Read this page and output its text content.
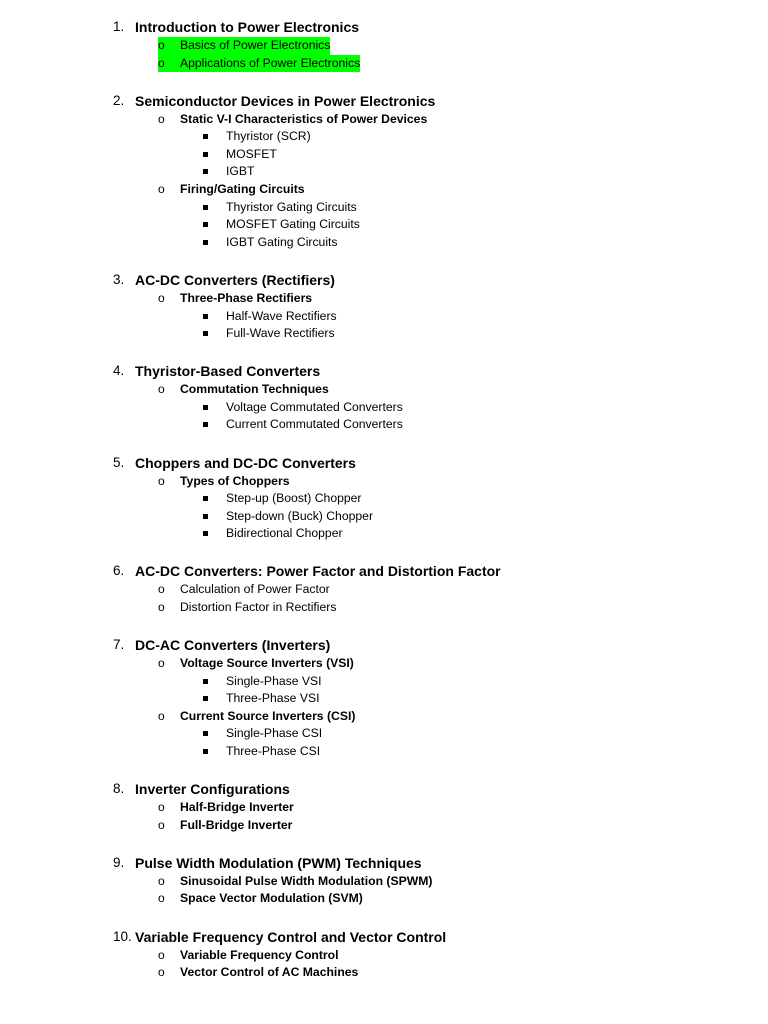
1. Introduction to Power Electronics
o	Basics of Power Electronics
o	Applications of Power Electronics
2. Semiconductor Devices in Power Electronics
o	Static V-I Characteristics of Power Devices
Thyristor (SCR)
MOSFET
IGBT
o	Firing/Gating Circuits
Thyristor Gating Circuits
MOSFET Gating Circuits
IGBT Gating Circuits
3. AC-DC Converters (Rectifiers)
o	Three-Phase Rectifiers
Half-Wave Rectifiers
Full-Wave Rectifiers
4. Thyristor-Based Converters
o	Commutation Techniques
Voltage Commutated Converters
Current Commutated Converters
5. Choppers and DC-DC Converters
o	Types of Choppers
Step-up (Boost) Chopper
Step-down (Buck) Chopper
Bidirectional Chopper
6. AC-DC Converters: Power Factor and Distortion Factor
o	Calculation of Power Factor
o	Distortion Factor in Rectifiers
7. DC-AC Converters (Inverters)
o	Voltage Source Inverters (VSI)
Single-Phase VSI
Three-Phase VSI
o	Current Source Inverters (CSI)
Single-Phase CSI
Three-Phase CSI
8. Inverter Configurations
o	Half-Bridge Inverter
o	Full-Bridge Inverter
9. Pulse Width Modulation (PWM) Techniques
o	Sinusoidal Pulse Width Modulation (SPWM)
o	Space Vector Modulation (SVM)
10. Variable Frequency Control and Vector Control
o	Variable Frequency Control
o	Vector Control of AC Machines
